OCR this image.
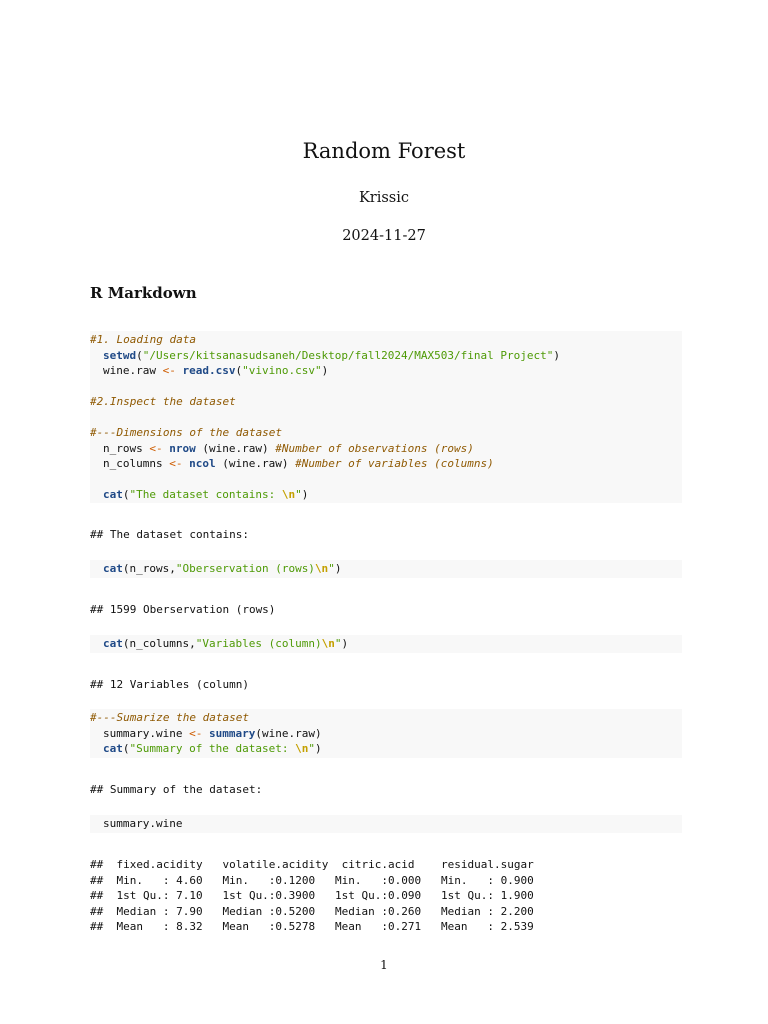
Random Forest
Krissic
2024-11-27
R Markdown
#1. Loading data
setwd("/Users/kitsanasudsaneh/Desktop/fall2024/MAX503/final Project")
wine.raw <- read.csv("vivino.csv")
#2.Inspect the dataset
#---Dimensions of the dataset
n_rows <- nrow (wine.raw) #Number of observations (rows)
n_columns <- ncol (wine.raw) #Number of variables (columns)
cat("The dataset contains: \n")
## The dataset contains:
cat(n_rows,"Oberservation (rows)\n")
## 1599 Oberservation (rows)
cat(n_columns,"Variables (column)\n")
## 12 Variables (column)
#---Sumarize the dataset
summary.wine <- summary(wine.raw)
cat("Summary of the dataset: \n")
## Summary of the dataset:
summary.wine
##  fixed.acidity   volatile.acidity  citric.acid    residual.sugar
##  Min.   : 4.60   Min.   :0.1200   Min.   :0.000   Min.   : 0.900
##  1st Qu.: 7.10   1st Qu.:0.3900   1st Qu.:0.090   1st Qu.: 1.900
##  Median : 7.90   Median :0.5200   Median :0.260   Median : 2.200
##  Mean   : 8.32   Mean   :0.5278   Mean   :0.271   Mean   : 2.539
1
